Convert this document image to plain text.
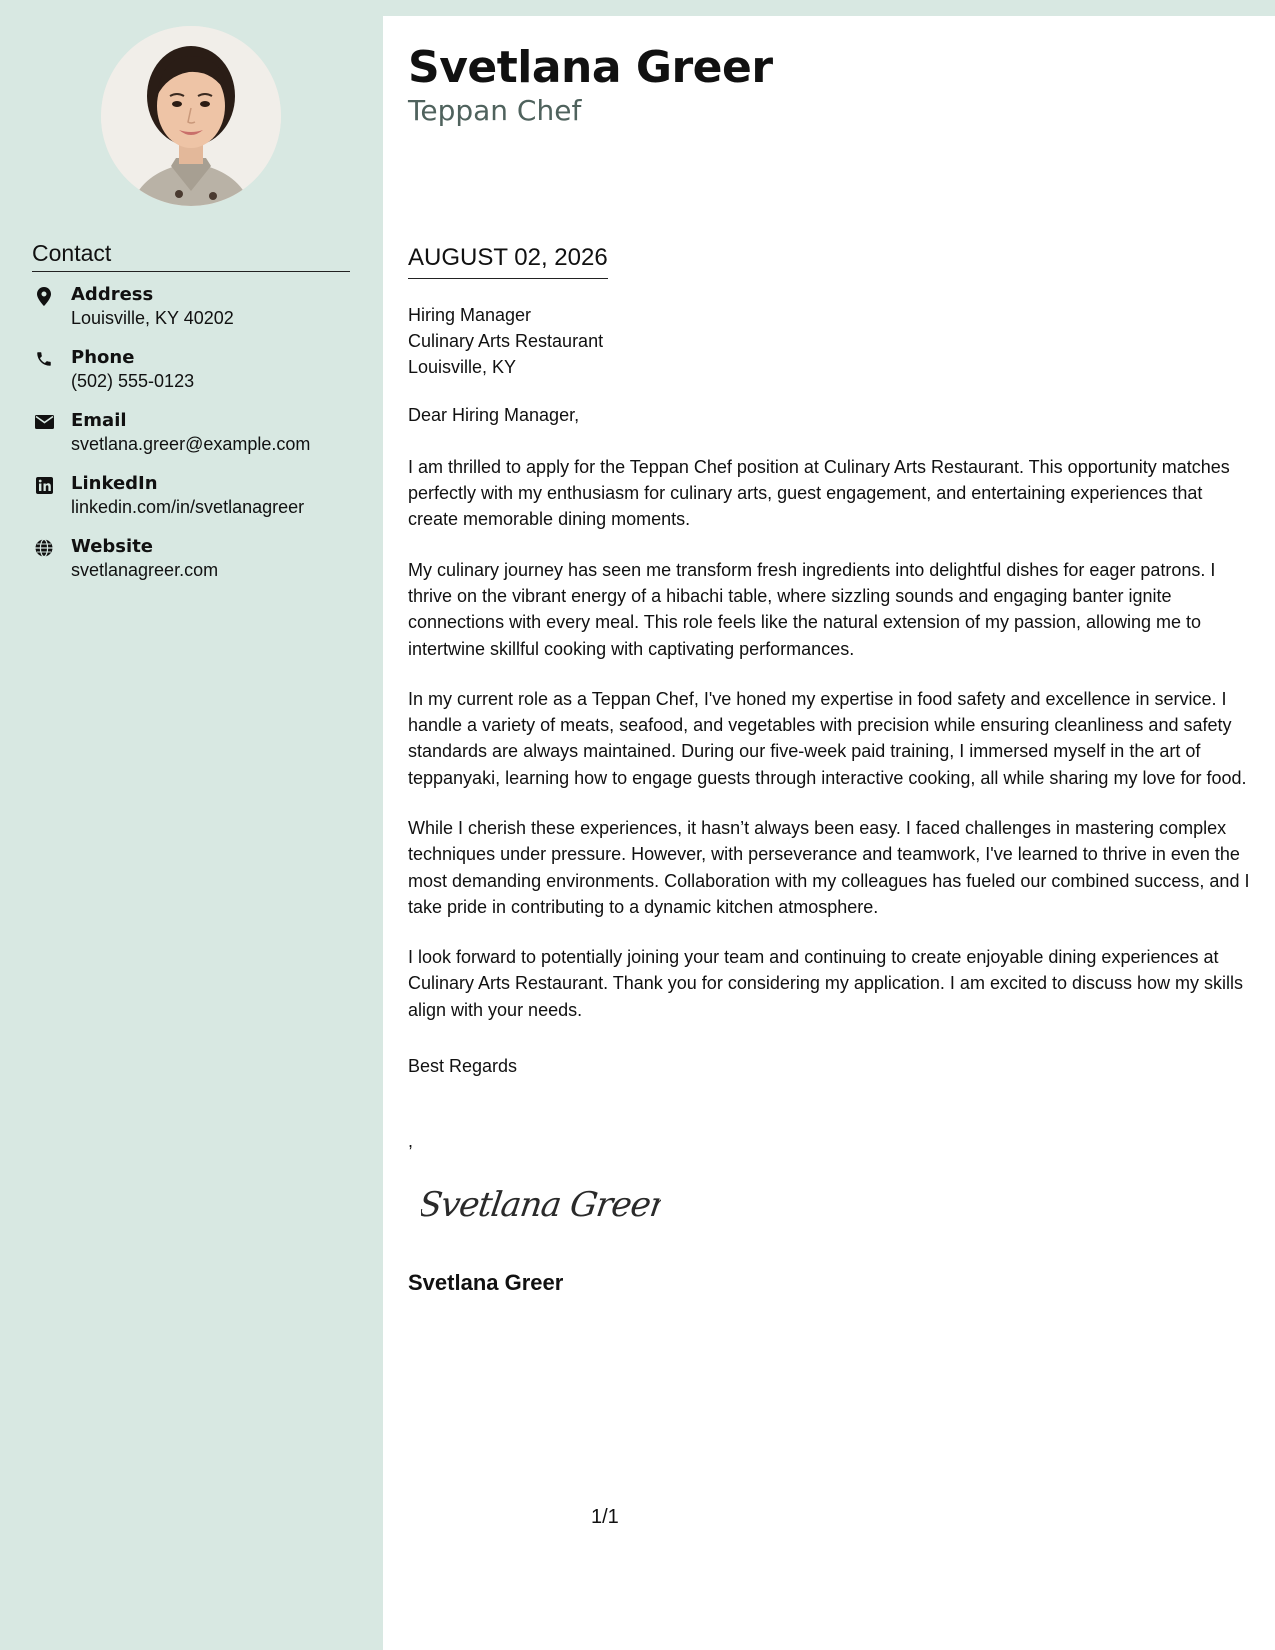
Contact
Address
Louisville, KY 40202
Phone
(502) 555-0123
Email
svetlana.greer@example.com
LinkedIn
linkedin.com/in/svetlanagreer
Website
svetlanagreer.com
Svetlana Greer
Teppan Chef
AUGUST 02, 2026
Hiring Manager
Culinary Arts Restaurant
Louisville, KY
Dear Hiring Manager,

I am thrilled to apply for the Teppan Chef position at Culinary Arts Restaurant. This opportunity matches perfectly with my enthusiasm for culinary arts, guest engagement, and entertaining experiences that create memorable dining moments.

My culinary journey has seen me transform fresh ingredients into delightful dishes for eager patrons. I thrive on the vibrant energy of a hibachi table, where sizzling sounds and engaging banter ignite connections with every meal. This role feels like the natural extension of my passion, allowing me to intertwine skillful cooking with captivating performances.

In my current role as a Teppan Chef, I've honed my expertise in food safety and excellence in service. I handle a variety of meats, seafood, and vegetables with precision while ensuring cleanliness and safety standards are always maintained. During our five-week paid training, I immersed myself in the art of teppanyaki, learning how to engage guests through interactive cooking, all while sharing my love for food.

While I cherish these experiences, it hasn’t always been easy. I faced challenges in mastering complex techniques under pressure. However, with perseverance and teamwork, I've learned to thrive in even the most demanding environments. Collaboration with my colleagues has fueled our combined success, and I take pride in contributing to a dynamic kitchen atmosphere.

I look forward to potentially joining your team and continuing to create enjoyable dining experiences at Culinary Arts Restaurant. Thank you for considering my application. I am excited to discuss how my skills align with your needs.

Best Regards
,
Svetlana Greer
Svetlana Greer
1/1
